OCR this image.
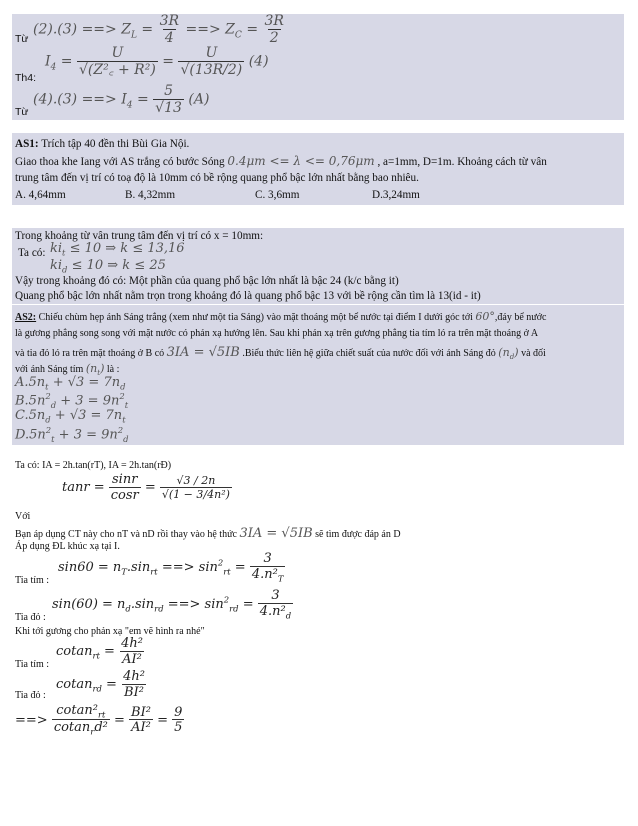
Từ
(2).(3) ==> $Z_L = \frac{3R}{4}$ ==> $Z_C = \frac{3R}{2}$
$I_4 = \frac{U}{\text{√(Z²꜀ + R²)}} = \frac{U}{√(13R/2)} (4)$
Th4:
Từ
(4).(3) ==> $I_4 = \frac{5}{√13} (A)$
AS1: Trích tập 40 đền thi Bùi Gia Nội.
Giao thoa khe Iang với AS trắng có bước Sóng 0.4μm <= λ <= 0,76μm , a=1mm, D=1m. Khoảng cách từ vân
trung tâm đến vị trí có toạ độ là 10mm có bề rộng quang phổ bậc lớn nhất bằng bao nhiêu.
A. 4,64mm	B. 4,32mm	C. 3,6mm	D.3,24mm
Trong khoảng từ vân trung tâm đến vị trí có x = 10mm:
Ta có: $ki_t \le 10$ ⇒ k ≤ 13,16
$ki_d \le 10$ ⇒ k ≤ 25
Vậy trong khoảng đó có: Một phần của quang phổ bậc lớn nhất là bậc 24 (k/c bằng it)
Quang phổ bậc lớn nhất nằm trọn trong khoảng đó là quang phổ bậc 13 với bề rộng cần tìm là 13(id - it)
AS2: Chiếu chùm hẹp ánh Sáng trắng (xem như một tia Sáng) vào mặt thoáng một bể nước tại điểm I dưới góc tới 60°,đáy bể nước
là gương phẳng song song với mặt nước có phản xạ hướng lên. Sau khi phản xạ trên gương phẳng tia tím ló ra trên mặt thoáng ở A
và tia đỏ ló ra trên mặt thoáng ở B có 3IA = √5IB .Biểu thức liên hệ giữa chiết suất của nước đối với ánh Sáng đỏ $(n_d)$ và đối
với ánh Sáng tím $(n_t)$ là :
$A.5n_t + √3 = 7n_d$
$B.5n^2_d + 3 = 9n^2_t$
$C.5n_d + √3 = 7n_t$
$D.5n^2_t + 3 = 9n^2_d$
Ta có: IA = 2h.tan(rT), IA = 2h.tan(rĐ)
$\tan r = \frac{\sin r}{\cos r} = \frac{√3 / 2n}{\text{√(1 − 3/4n²)}}$
Với
Bạn áp dụng CT này cho nT và nD rồi thay vào hệ thức 3IA = √5IB sẽ tìm được đáp án D
Áp dụng ĐL khúc xạ tại I.
$\sin 60 = n_T.\sin_{rt}$ ==> $\sin^2_{rt} = \frac{3}{4.n^2_T}$
Tia tím :
$\sin(60) = n_d.\sin_{rd}$ ==> $\sin^2_{rd} = \frac{3}{4.n^2_d}$
Tia đỏ :
Khi tới gương cho phản xạ "em vẽ hình ra nhé"
$cotan_{rt} = \frac{\text{4h²}}{\text{AI²}}$
Tia tím :
$cotan_{rd} = \frac{\text{4h²}}{\text{BI²}}$
Tia đỏ :
==> $\frac{cotan^2_{rt}}{cotan_rd^2} = \frac{\text{BI²}}{\text{AI²}} = \frac{9}{5}$
